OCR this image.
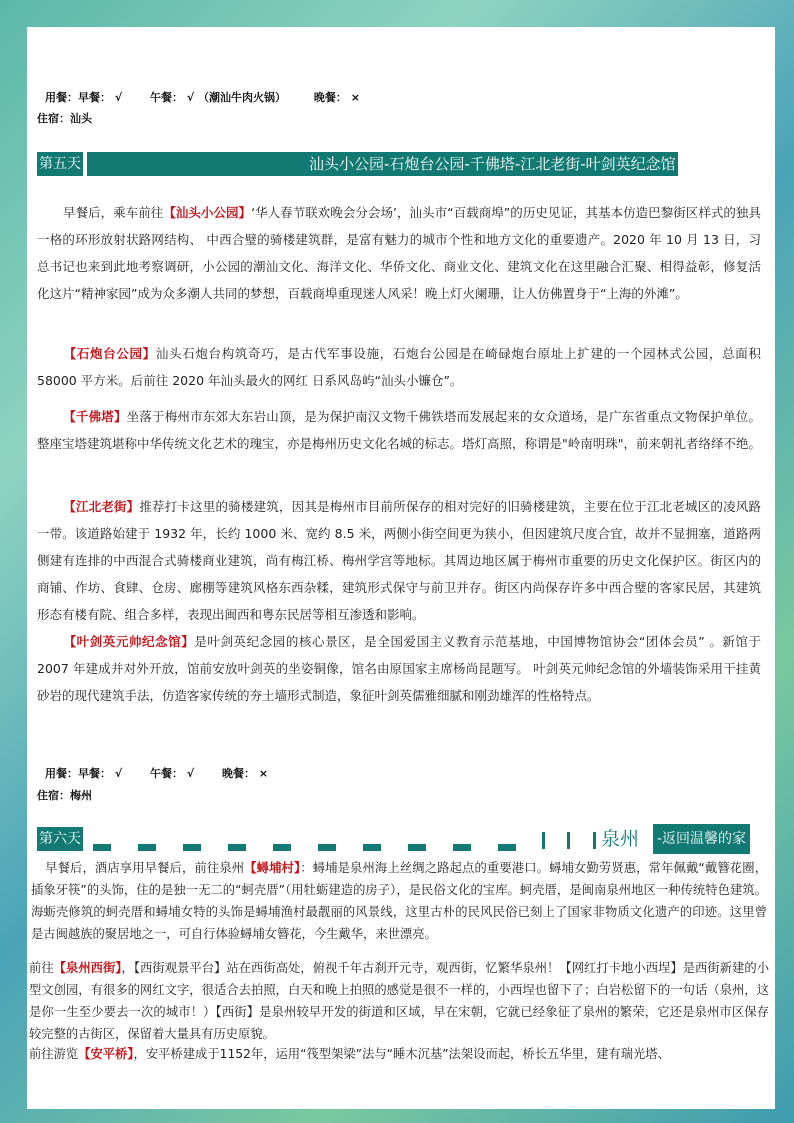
用餐：早餐： √	午餐： √ （潮汕牛肉火锅）	晚餐： ×
住宿：汕头
第五天	汕头小公园-石炮台公园-千佛塔-江北老街-叶剑英纪念馆
早餐后，乘车前往【汕头小公园】‘华人春节联欢晚会分会场’，汕头市“百载商埠”的历史见证，其基本仿造巴黎街区样式的独具一格的环形放射状路网结构、 中西合璧的骑楼建筑群，是富有魅力的城市个性和地方文化的重要遗产。2020 年 10 月 13 日，习总书记也来到此地考察调研，小公园的潮汕文化、海洋文化、华侨文化、商业文化、建筑文化在这里融合汇聚、相得益彰，修复活化这片“精神家园”成为众多潮人共同的梦想，百载商埠重现迷人风采！晚上灯火阑珊，让人仿佛置身于“上海的外滩”。
【石炮台公园】汕头石炮台构筑奇巧，是古代军事设施，石炮台公园是在崎碌炮台原址上扩建的一个园林式公园，总面积 58000 平方米。后前往 2020 年汕头最火的网红 日系风岛屿“汕头小镰仓”。
【千佛塔】坐落于梅州市东郊大东岩山顶，是为保护南汉文物千佛铁塔而发展起来的女众道场，是广东省重点文物保护单位。整座宝塔建筑堪称中华传统文化艺术的瑰宝，亦是梅州历史文化名城的标志。塔灯高照，称谓是"岭南明珠"，前来朝礼者络绎不绝。
【江北老街】推荐打卡这里的骑楼建筑，因其是梅州市目前所保存的相对完好的旧骑楼建筑，主要在位于江北老城区的凌风路一带。该道路始建于 1932 年，长约 1000 米、宽约 8.5 米，两侧小街空间更为狭小，但因建筑尺度合宜，故并不显拥塞，道路两侧建有连排的中西混合式骑楼商业建筑，尚有梅江桥、梅州学宫等地标。其周边地区属于梅州市重要的历史文化保护区。街区内的商铺、作坊、食肆、仓房、廊棚等建筑风格东西杂糅，建筑形式保守与前卫并存。街区内尚保存许多中西合璧的客家民居，其建筑形态有楼有院、组合多样，表现出闽西和粤东民居等相互渗透和影响。
【叶剑英元帅纪念馆】是叶剑英纪念园的核心景区，是全国爱国主义教育示范基地，中国博物馆协会“团体会员” 。新馆于 2007 年建成并对外开放，馆前安放叶剑英的坐姿铜像，馆名由原国家主席杨尚昆题写。 叶剑英元帅纪念馆的外墙装饰采用干挂黄砂岩的现代建筑手法，仿造客家传统的夯土墙形式制造，象征叶剑英儒雅细腻和刚劲雄浑的性格特点。
用餐：早餐： √	午餐： √	晚餐： ×
住宿：梅州
第六天	泉州 -返回温馨的家
早餐后，酒店享用早餐后，前往泉州【蟳埔村】：蟳埔是泉州海上丝绸之路起点的重要港口。蟳埔女勤劳贤惠，常年佩戴“戴簪花圈，插象牙筷”的头饰，住的是独一无二的“蚵壳厝”（用牡蛎建造的房子），是民俗文化的宝库。蚵壳厝，是闽南泉州地区一种传统特色建筑。海蛎壳修筑的蚵壳厝和蟳埔女特的头饰是蟳埔渔村最靓丽的风景线，这里古朴的民风民俗已刻上了国家非物质文化遗产的印迹。这里曾是古闽越族的聚居地之一，可自行体验蟳埔女簪花，今生戴华，来世漂亮。
前往【泉州西街】，【西街观景平台】站在西街高处，俯视千年古刹开元寺，观西街，忆繁华泉州！【网红打卡地小西埕】是西街新建的小型文创园，有很多的网红文字，很适合去拍照，白天和晚上拍照的感觉是很不一样的，小西埕也留下了；白岩松留下的一句话（泉州，这是你一生至少要去一次的城市！）【西街】是泉州较早开发的街道和区域，早在宋朝，它就已经象征了泉州的繁荣，它还是泉州市区保存较完整的古街区，保留着大量具有历史原貌。
前往游览【安平桥】，安平桥建成于1152年，运用“筏型架梁”法与“睡木沉基”法架设而起，桥长五华里，建有瑞光塔、
